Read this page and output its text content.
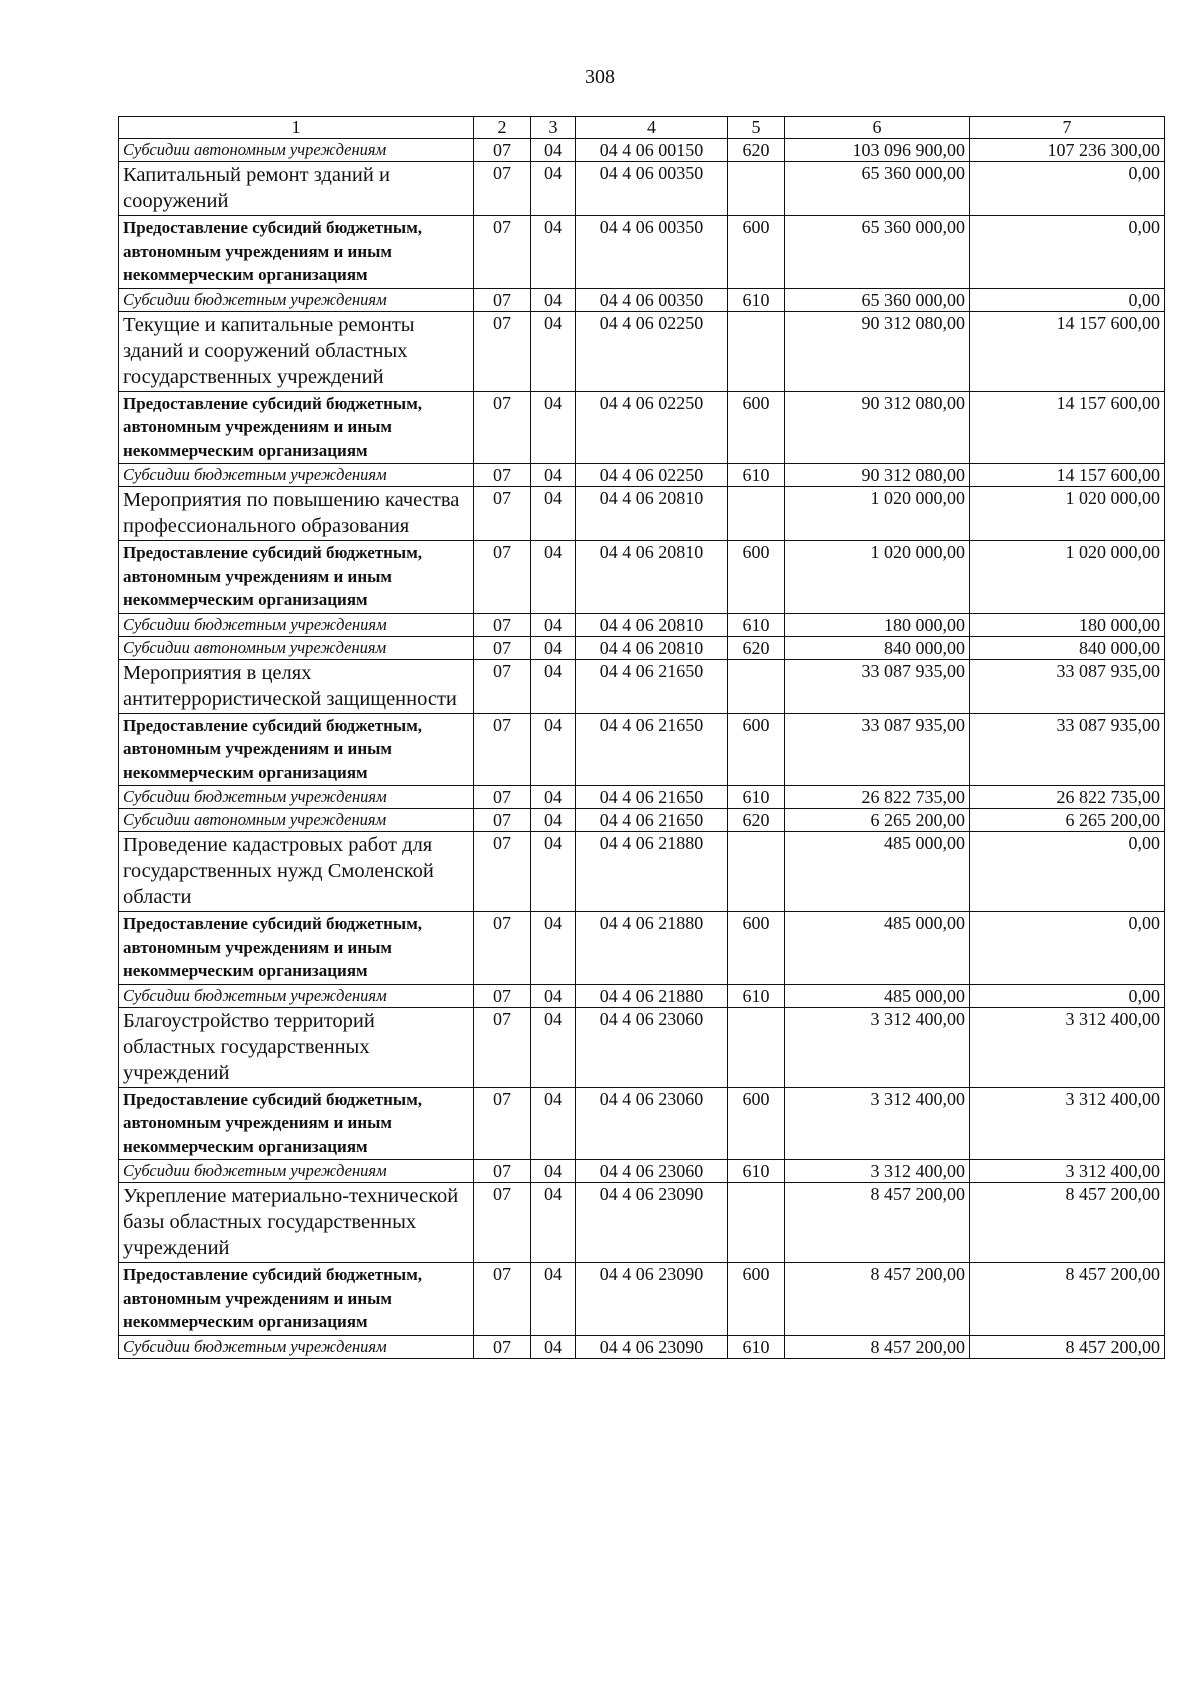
308
1	2	3	4	5	6	7
Субсидии автономным учреждениям	07	04	04 4 06 00150	620	103 096 900,00	107 236 300,00
Капитальный ремонт зданий и сооружений	07	04	04 4 06 00350		65 360 000,00	0,00
Предоставление субсидий бюджетным, автономным учреждениям и иным некоммерческим организациям	07	04	04 4 06 00350	600	65 360 000,00	0,00
Субсидии бюджетным учреждениям	07	04	04 4 06 00350	610	65 360 000,00	0,00
Текущие и капитальные ремонты зданий и сооружений областных государственных учреждений	07	04	04 4 06 02250		90 312 080,00	14 157 600,00
Предоставление субсидий бюджетным, автономным учреждениям и иным некоммерческим организациям	07	04	04 4 06 02250	600	90 312 080,00	14 157 600,00
Субсидии бюджетным учреждениям	07	04	04 4 06 02250	610	90 312 080,00	14 157 600,00
Мероприятия по повышению качества профессионального образования	07	04	04 4 06 20810		1 020 000,00	1 020 000,00
Предоставление субсидий бюджетным, автономным учреждениям и иным некоммерческим организациям	07	04	04 4 06 20810	600	1 020 000,00	1 020 000,00
Субсидии бюджетным учреждениям	07	04	04 4 06 20810	610	180 000,00	180 000,00
Субсидии автономным учреждениям	07	04	04 4 06 20810	620	840 000,00	840 000,00
Мероприятия в целях антитеррористической защищенности	07	04	04 4 06 21650		33 087 935,00	33 087 935,00
Предоставление субсидий бюджетным, автономным учреждениям и иным некоммерческим организациям	07	04	04 4 06 21650	600	33 087 935,00	33 087 935,00
Субсидии бюджетным учреждениям	07	04	04 4 06 21650	610	26 822 735,00	26 822 735,00
Субсидии автономным учреждениям	07	04	04 4 06 21650	620	6 265 200,00	6 265 200,00
Проведение кадастровых работ для государственных нужд Смоленской области	07	04	04 4 06 21880		485 000,00	0,00
Предоставление субсидий бюджетным, автономным учреждениям и иным некоммерческим организациям	07	04	04 4 06 21880	600	485 000,00	0,00
Субсидии бюджетным учреждениям	07	04	04 4 06 21880	610	485 000,00	0,00
Благоустройство территорий областных государственных учреждений	07	04	04 4 06 23060		3 312 400,00	3 312 400,00
Предоставление субсидий бюджетным, автономным учреждениям и иным некоммерческим организациям	07	04	04 4 06 23060	600	3 312 400,00	3 312 400,00
Субсидии бюджетным учреждениям	07	04	04 4 06 23060	610	3 312 400,00	3 312 400,00
Укрепление материально-технической базы областных государственных учреждений	07	04	04 4 06 23090		8 457 200,00	8 457 200,00
Предоставление субсидий бюджетным, автономным учреждениям и иным некоммерческим организациям	07	04	04 4 06 23090	600	8 457 200,00	8 457 200,00
Субсидии бюджетным учреждениям	07	04	04 4 06 23090	610	8 457 200,00	8 457 200,00
